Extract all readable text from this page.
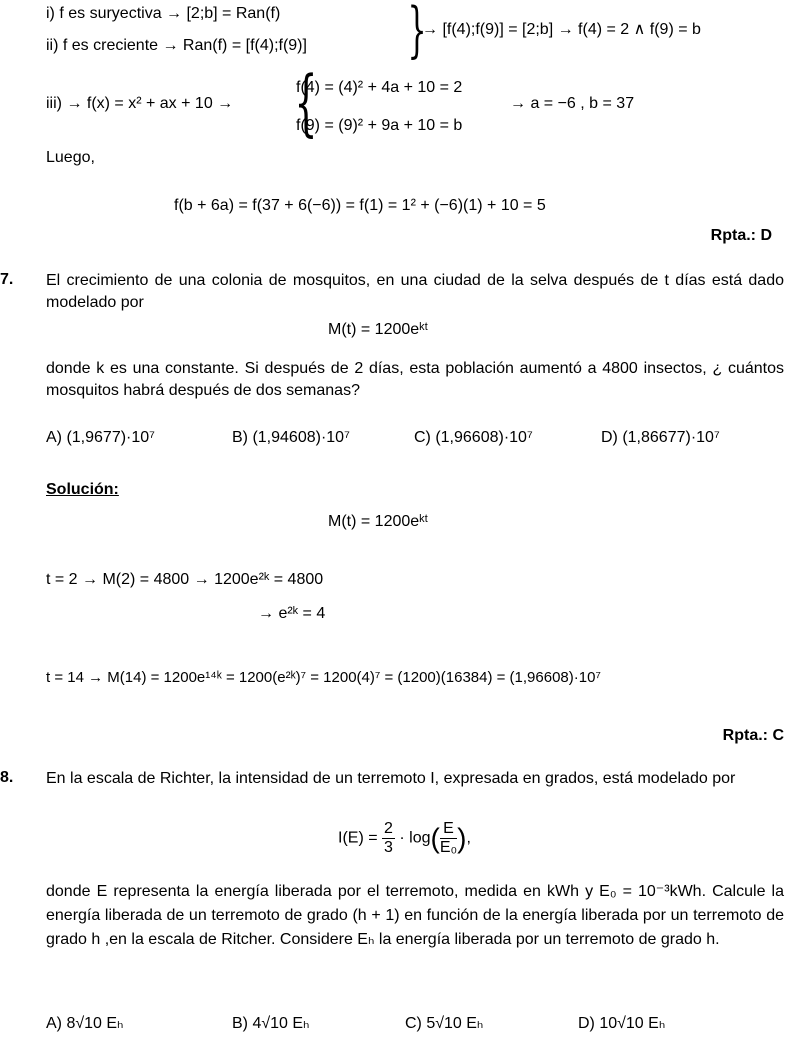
i) f es suryectiva → [2;b] = Ran(f)
ii) f es creciente → Ran(f) = [f(4);f(9)] }
→ [f(4);f(9)] = [2;b] → f(4) = 2 ∧ f(9) = b
iii) → f(x) = x² + ax + 10 → {
f(4) = (4)² + 4a + 10 = 2
f(9) = (9)² + 9a + 10 = b
→ a = −6 , b = 37
Luego,
f(b + 6a) = f(37 + 6(−6)) = f(1) = 1² + (−6)(1) + 10 = 5
Rpta.: D
7. El crecimiento de una colonia de mosquitos, en una ciudad de la selva después de t días está dado modelado por
M(t) = 1200eᵏᵗ
donde k es una constante. Si después de 2 días, esta población aumentó a 4800 insectos, ¿ cuántos mosquitos habrá después de dos semanas?
A) (1,9677)·10⁷	B) (1,94608)·10⁷	C) (1,96608)·10⁷	D) (1,86677)·10⁷
Solución:
M(t) = 1200eᵏᵗ
t = 2 → M(2) = 4800 → 1200e²ᵏ = 4800
→ e²ᵏ = 4
t = 14 → M(14) = 1200e¹⁴ᵏ = 1200(e²ᵏ)⁷ = 1200(4)⁷ = (1200)(16384) = (1,96608)·10⁷
Rpta.: C
8. En la escala de Richter, la intensidad de un terremoto I, expresada en grados, está modelado por
$I(E) = \frac{2}{3} \cdot \log( \frac{E}{\text{E₀}}$ ),
donde E representa la energía liberada por el terremoto, medida en kWh y E₀ = 10⁻³kWh. Calcule la energía liberada de un terremoto de grado (h + 1) en función de la energía liberada por un terremoto de grado h ,en la escala de Ritcher. Considere Eₕ la energía liberada por un terremoto de grado h.
A) 8√10 Eₕ	B) 4√10 Eₕ	C) 5√10 Eₕ	D) 10√10 Eₕ
